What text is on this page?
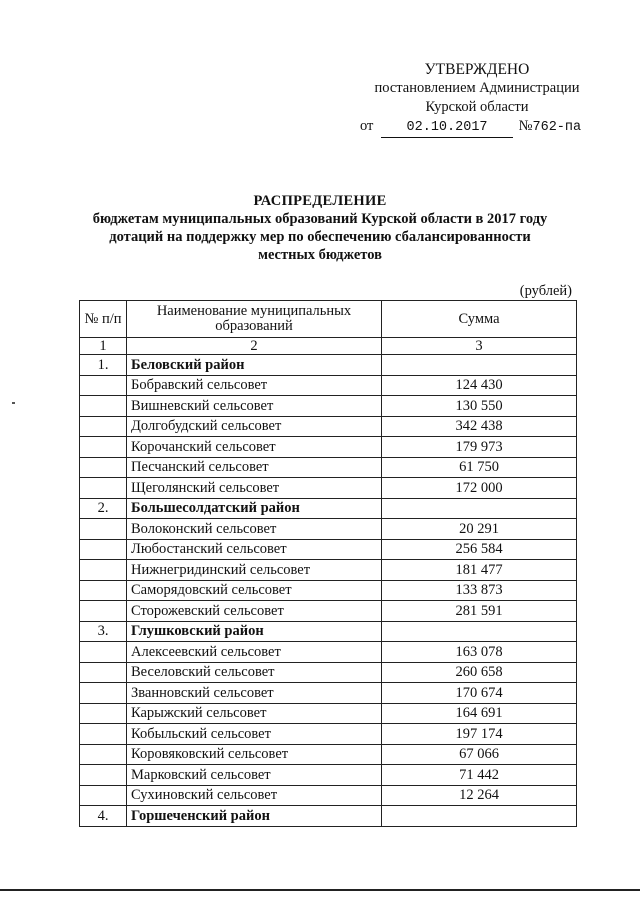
УТВЕРЖДЕНО
постановлением Администрации
Курской области
от 02.10.2017 №762-па
РАСПРЕДЕЛЕНИЕ
бюджетам муниципальных образований Курской области в 2017 году
дотаций на поддержку мер по обеспечению сбалансированности
местных бюджетов
(рублей)
№ п/п	Наименование муниципальных образований	Сумма
1	2	3
1.	Беловский район	
	Бобравский сельсовет	124 430
	Вишневский сельсовет	130 550
	Долгобудский сельсовет	342 438
	Корочанский сельсовет	179 973
	Песчанский сельсовет	61 750
	Щеголянский сельсовет	172 000
2.	Большесолдатский район	
	Волоконский сельсовет	20 291
	Любостанский сельсовет	256 584
	Нижнегридинский сельсовет	181 477
	Саморядовский сельсовет	133 873
	Сторожевский сельсовет	281 591
3.	Глушковский район	
	Алексеевский сельсовет	163 078
	Веселовский сельсовет	260 658
	Званновский сельсовет	170 674
	Карыжский сельсовет	164 691
	Кобыльский сельсовет	197 174
	Коровяковский сельсовет	67 066
	Марковский сельсовет	71 442
	Сухиновский сельсовет	12 264
4.	Горшеченский район	
